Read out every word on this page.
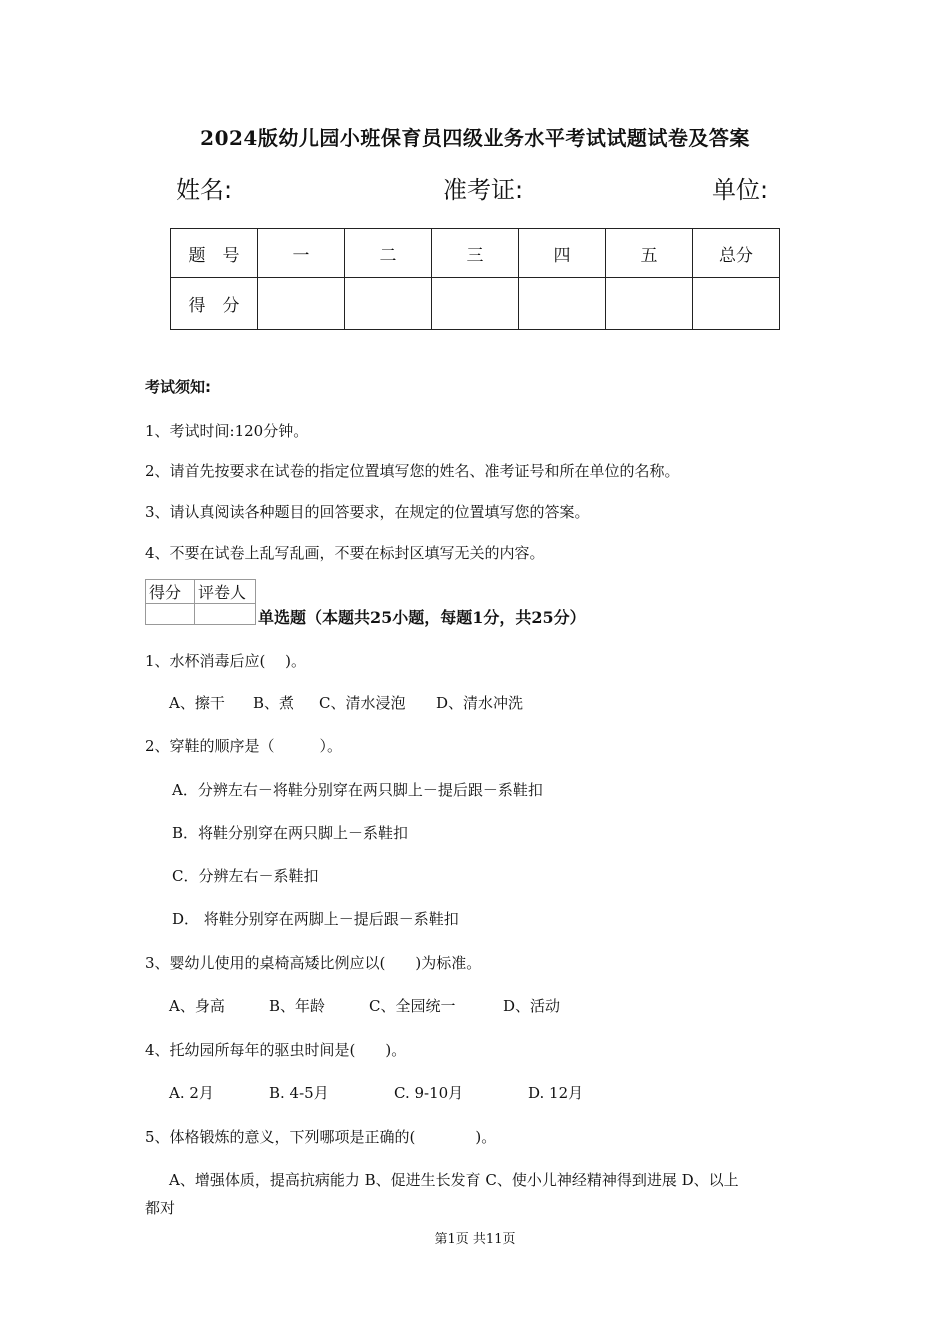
2024版幼儿园小班保育员四级业务水平考试试题试卷及答案
姓名:	准考证:	单位:
题　号	一	二	三	四	五	总分
得　分						
考试须知:
1、考试时间:120分钟。
2、请首先按要求在试卷的指定位置填写您的姓名、准考证号和所在单位的名称。
3、请认真阅读各种题目的回答要求，在规定的位置填写您的答案。
4、不要在试卷上乱写乱画，不要在标封区填写无关的内容。
得分	评卷人

单选题（本题共25小题，每题1分，共25分）
1、水杯消毒后应(　 )。
A、擦干 B、煮 C、清水浸泡 D、清水冲洗
2、穿鞋的顺序是（　　　）。
A．分辨左右－将鞋分别穿在两只脚上－提后跟－系鞋扣
B．将鞋分别穿在两只脚上－系鞋扣
C．分辨左右－系鞋扣
D． 将鞋分别穿在两脚上－提后跟－系鞋扣
3、婴幼儿使用的桌椅高矮比例应以(　　)为标准。
A、身高	B、年龄	C、全园统一	D、活动
4、托幼园所每年的驱虫时间是(　　)。
A. 2月	B. 4-5月	C. 9-10月	D. 12月
5、体格锻炼的意义，下列哪项是正确的(　　　　)。
A、增强体质，提高抗病能力 B、促进生长发育 C、使小儿神经精神得到进展 D、以上
都对
第1页 共11页
